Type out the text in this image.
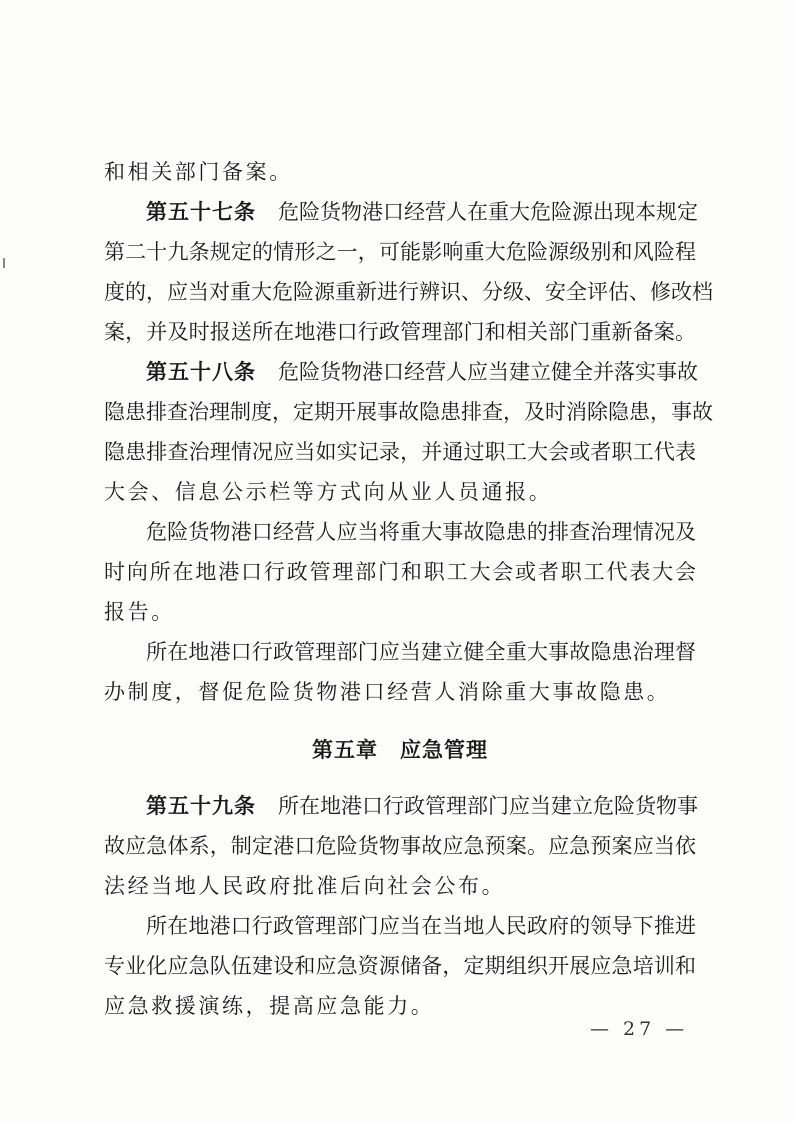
和相关部门备案。
第五十七条 危险货物港口经营人在重大危险源出现本规定
第二十九条规定的情形之一，可能影响重大危险源级别和风险程
度的，应当对重大危险源重新进行辨识、分级、安全评估、修改档
案，并及时报送所在地港口行政管理部门和相关部门重新备案。
第五十八条 危险货物港口经营人应当建立健全并落实事故
隐患排查治理制度，定期开展事故隐患排查，及时消除隐患，事故
隐患排查治理情况应当如实记录，并通过职工大会或者职工代表
大会、信息公示栏等方式向从业人员通报。
危险货物港口经营人应当将重大事故隐患的排查治理情况及
时向所在地港口行政管理部门和职工大会或者职工代表大会
报告。
所在地港口行政管理部门应当建立健全重大事故隐患治理督
办制度，督促危险货物港口经营人消除重大事故隐患。
第五章 应急管理
第五十九条 所在地港口行政管理部门应当建立危险货物事
故应急体系，制定港口危险货物事故应急预案。应急预案应当依
法经当地人民政府批准后向社会公布。
所在地港口行政管理部门应当在当地人民政府的领导下推进
专业化应急队伍建设和应急资源储备，定期组织开展应急培训和
应急救援演练，提高应急能力。
— 27 —
